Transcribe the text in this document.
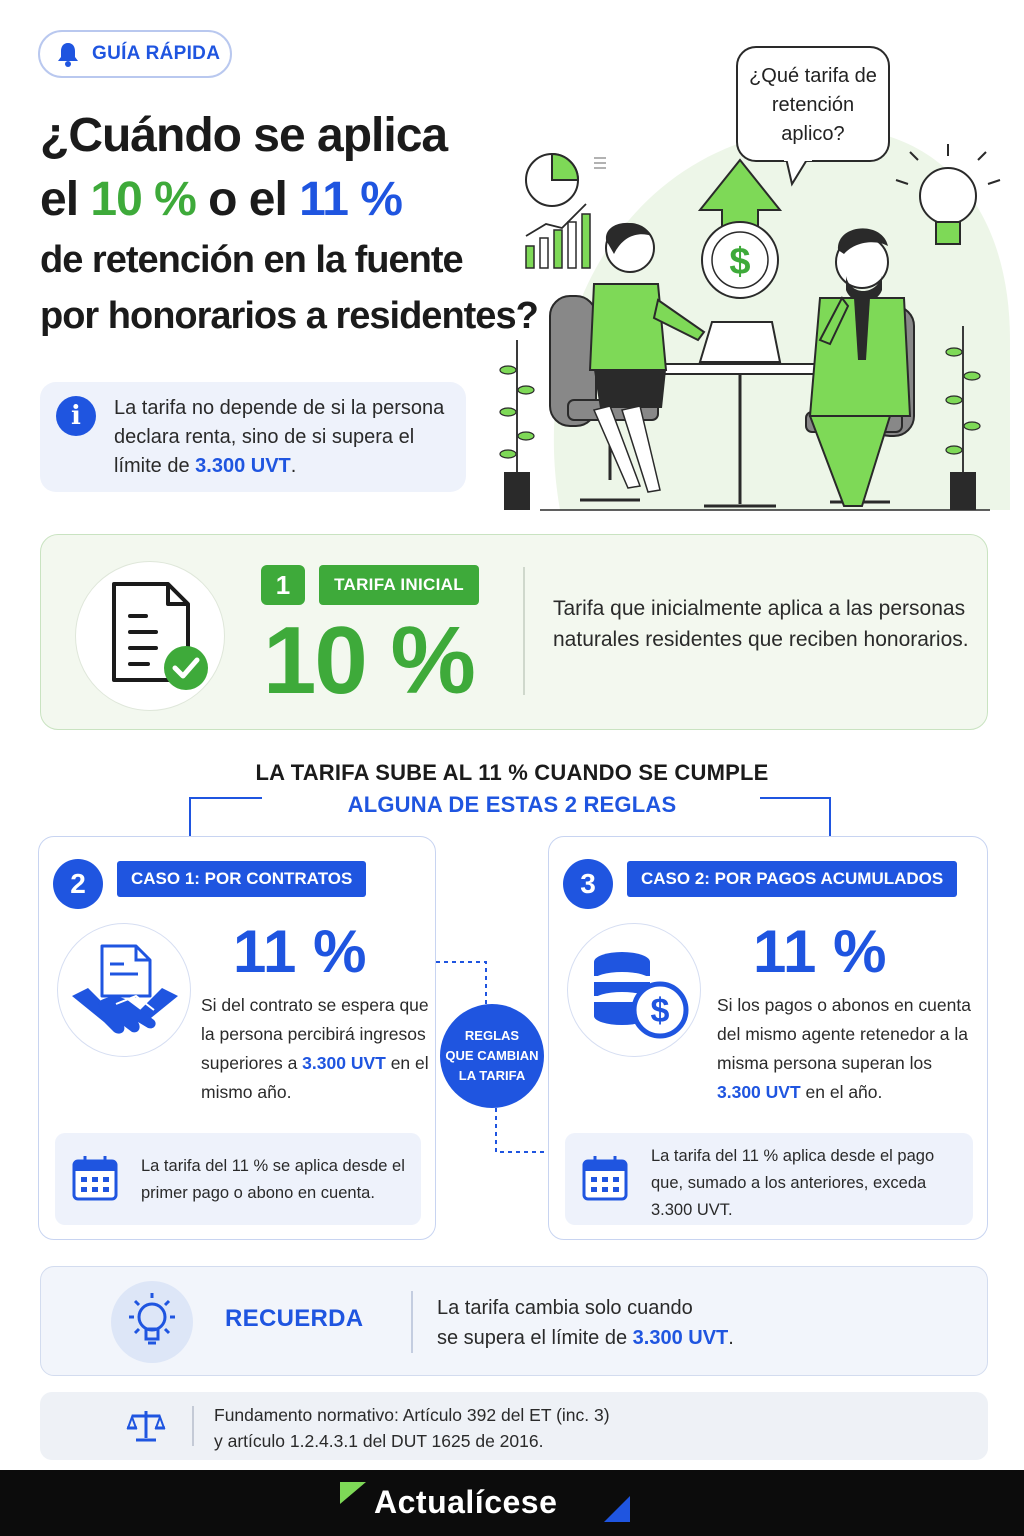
GUÍA RÁPIDA
¿Cuándo se aplica
el 10 % o el 11 %
de retención en la fuente
por honorarios a residentes?
i	La tarifa no depende de si la persona declara renta, sino de si supera el límite de 3.300 UVT.
$
¿Qué tarifa de retención aplico?
1	TARIFA INICIAL
10 %	Tarifa que inicialmente aplica a las personas naturales residentes que reciben honorarios.
LA TARIFA SUBE AL 11 % CUANDO SE CUMPLE
ALGUNA DE ESTAS 2 REGLAS
2	CASO 1: POR CONTRATOS
11 %
Si del contrato se espera que la persona percibirá ingresos superiores a 3.300 UVT en el mismo año.
La tarifa del 11 % se aplica desde el primer pago o abono en cuenta.
REGLAS
QUE CAMBIAN
LA TARIFA
3	CASO 2: POR PAGOS ACUMULADOS
$
11 %
Si los pagos o abonos en cuenta del mismo agente retenedor a la misma persona superan los 3.300 UVT en el año.
La tarifa del 11 % aplica desde el pago que, sumado a los anteriores, exceda 3.300 UVT.
RECUERDA	La tarifa cambia solo cuando
se supera el límite de 3.300 UVT.
Fundamento normativo: Artículo 392 del ET (inc. 3)
y artículo 1.2.4.3.1 del DUT 1625 de 2016.
Actualícese
